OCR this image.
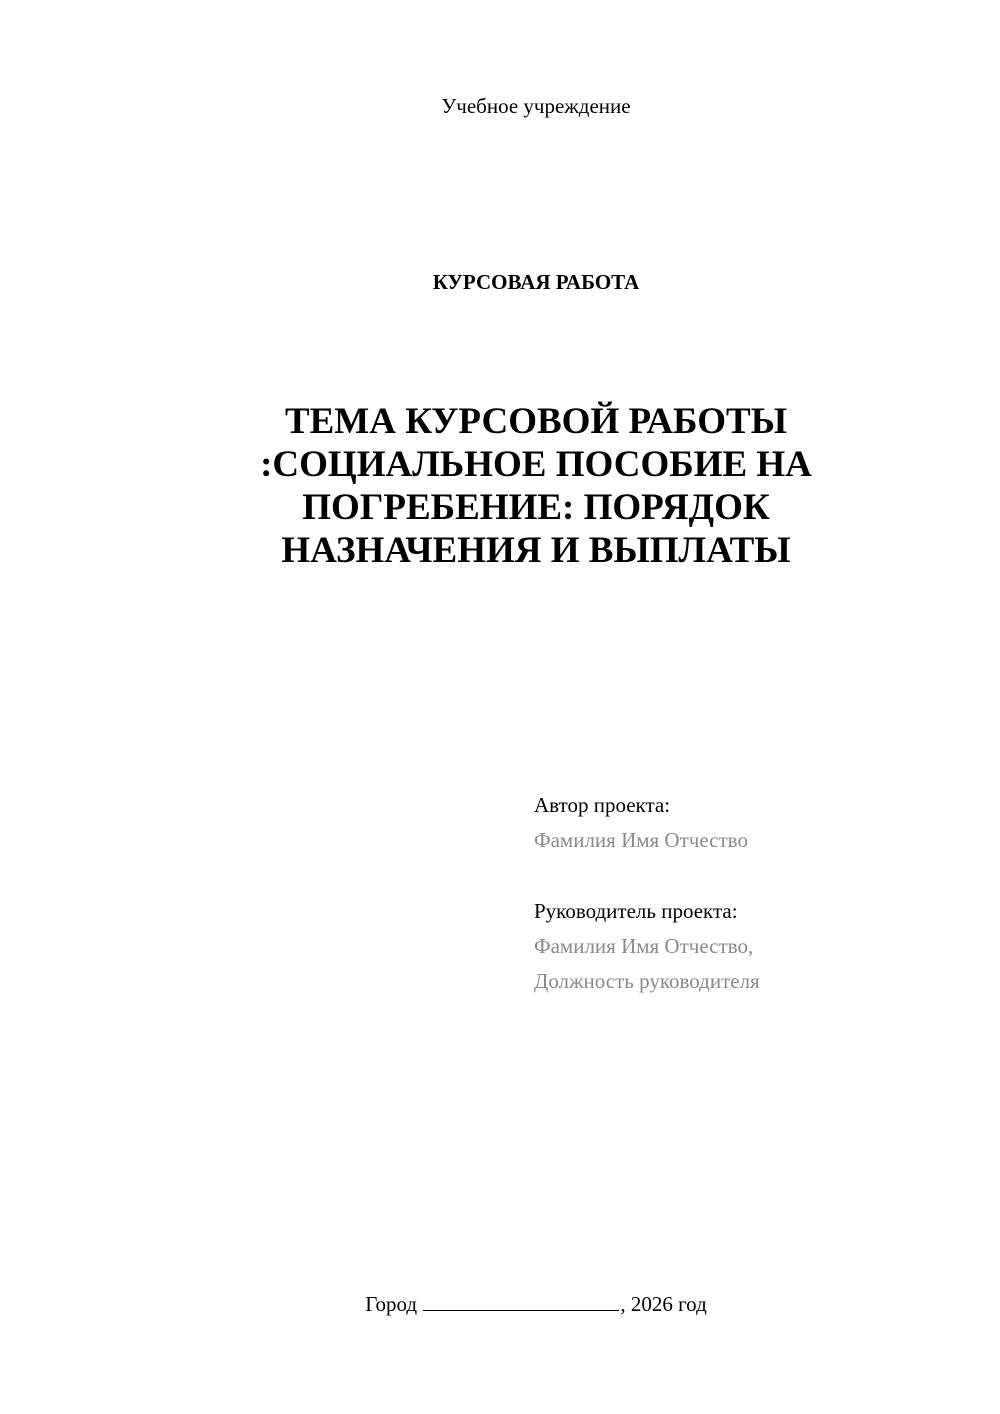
Учебное учреждение
КУРСОВАЯ РАБОТА
ТЕМА КУРСОВОЙ РАБОТЫ
:СОЦИАЛЬНОЕ ПОСОБИЕ НА
ПОГРЕБЕНИЕ: ПОРЯДОК
НАЗНАЧЕНИЯ И ВЫПЛАТЫ
Автор проекта:
Фамилия Имя Отчество
Руководитель проекта:
Фамилия Имя Отчество,
Должность руководителя
Город	, 2026 год
